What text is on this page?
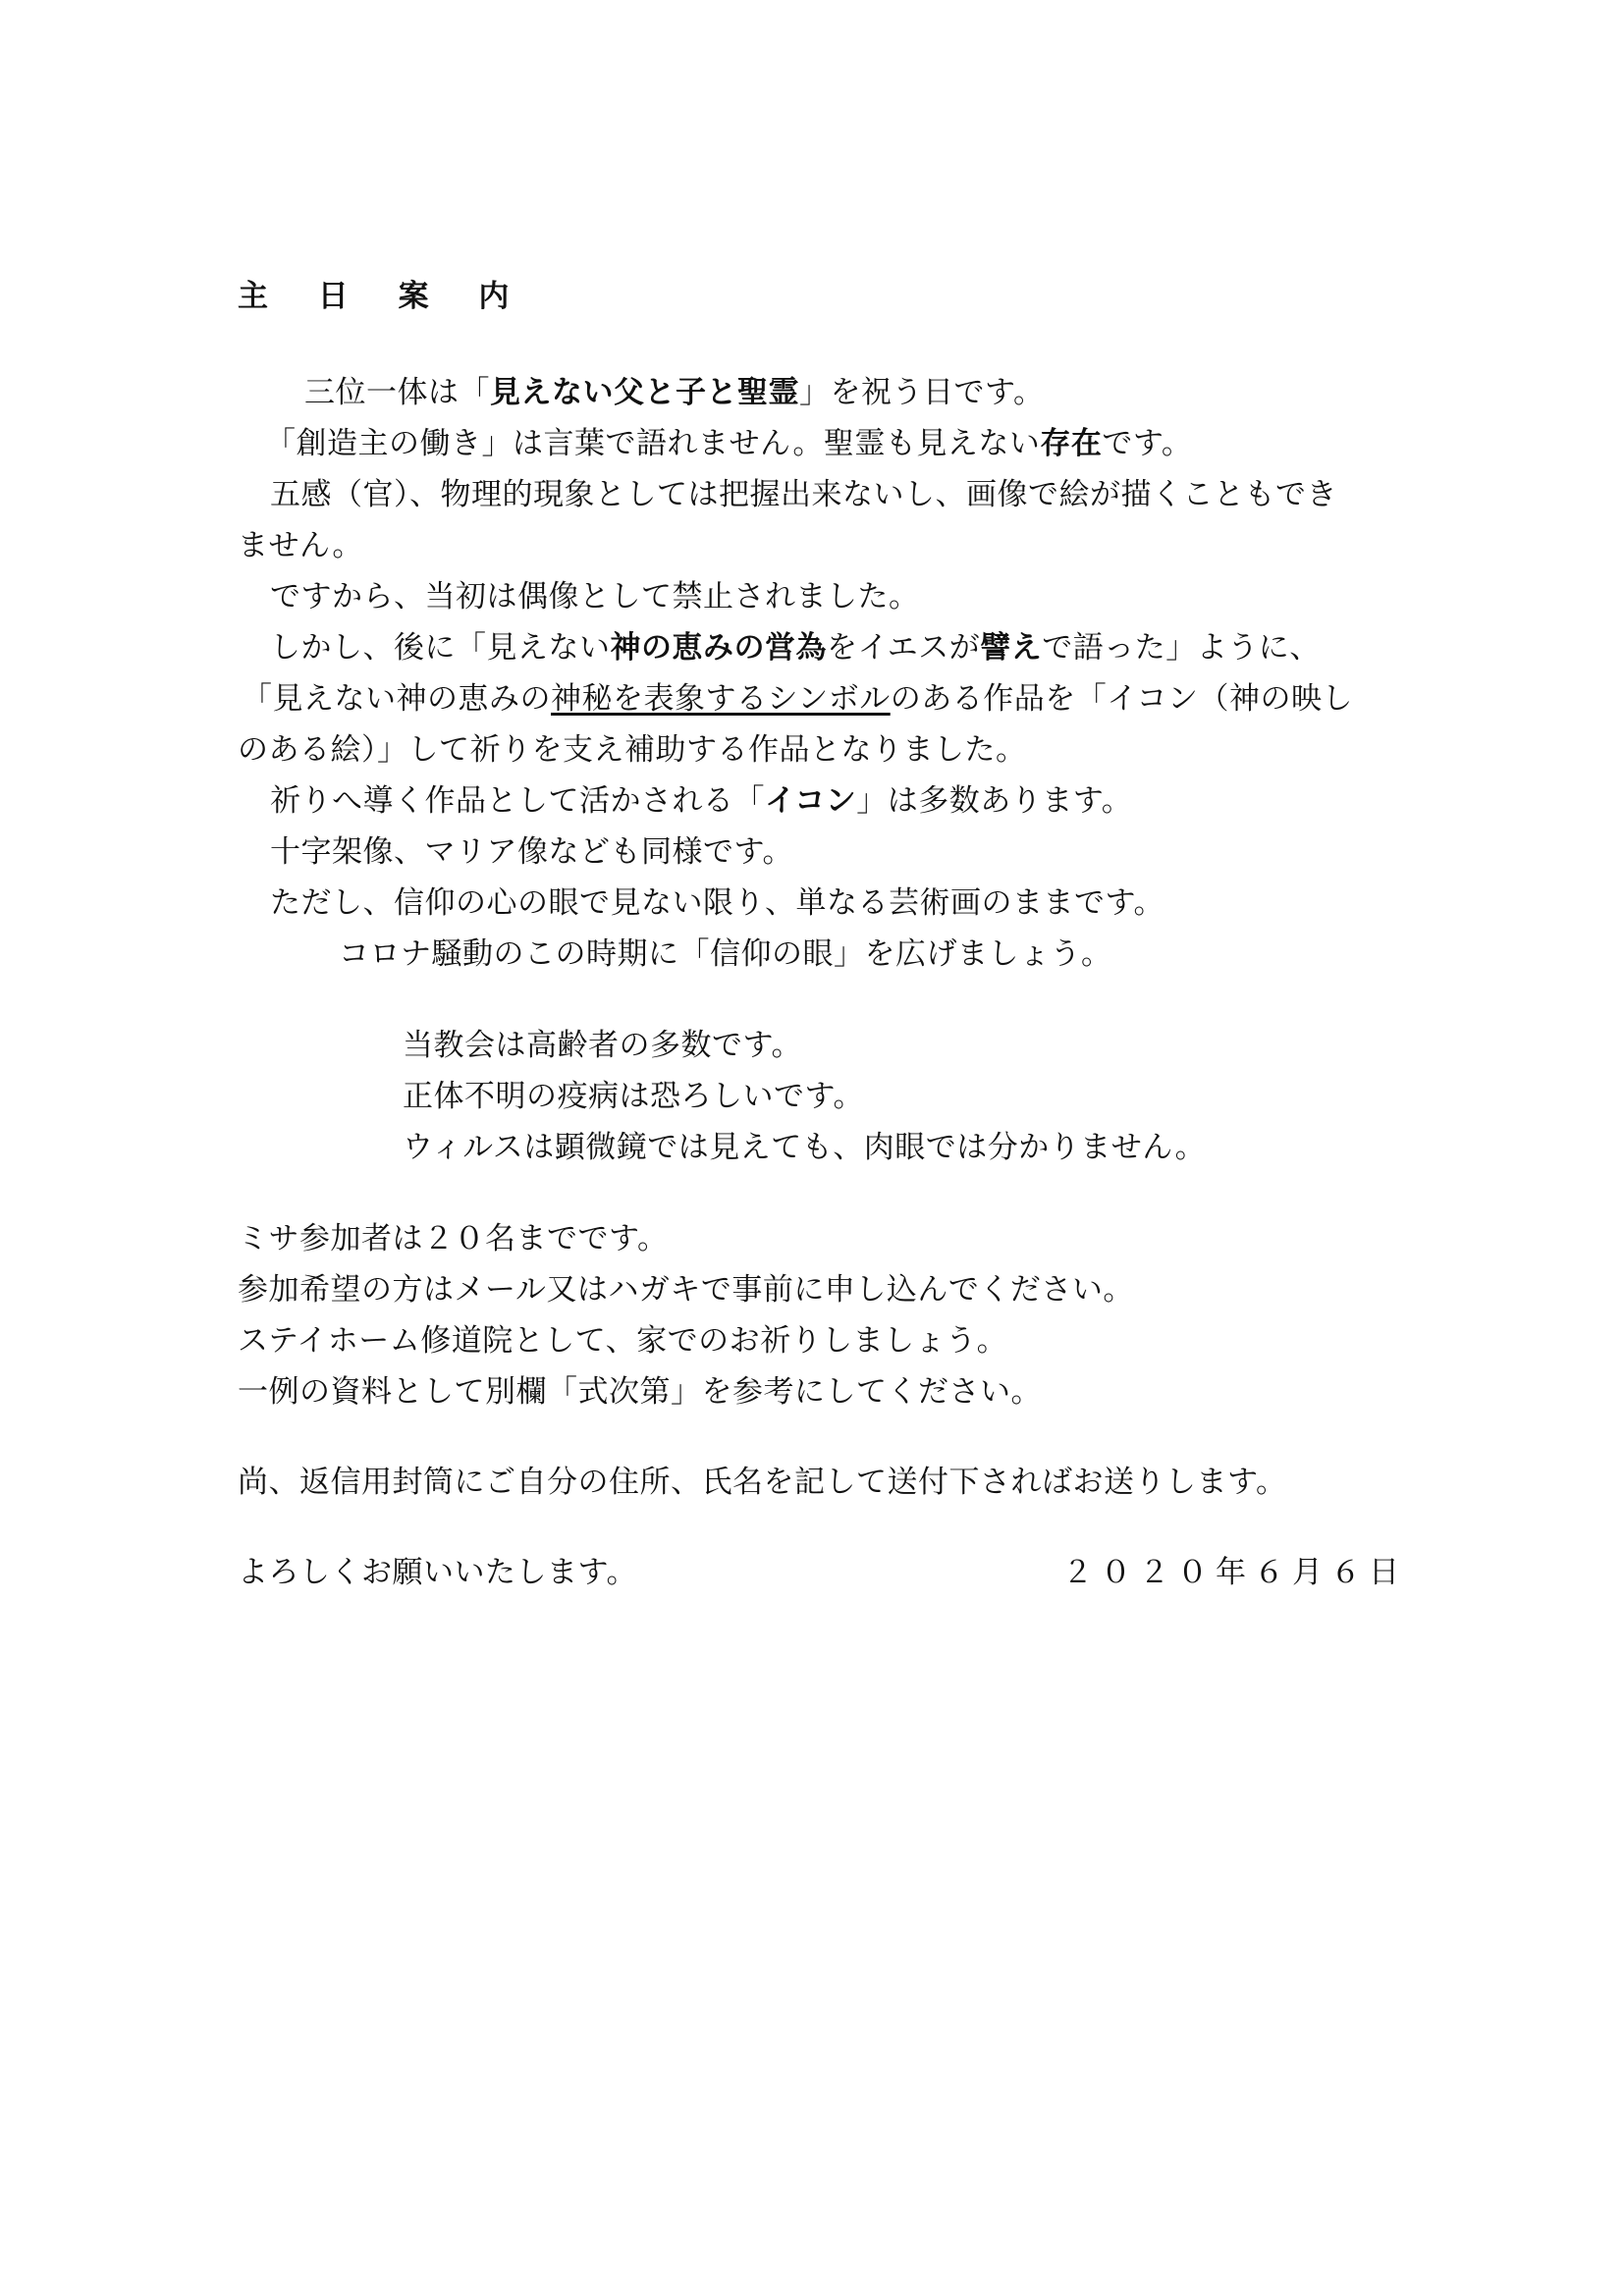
主 日 案 内
三位一体は「見えない父と子と聖霊」を祝う日です。
「創造主の働き」は言葉で語れません。聖霊も見えない存在です。
五感（官）、物理的現象としては把握出来ないし、画像で絵が描くこともでき
ません。
ですから、当初は偶像として禁止されました。
しかし、後に「見えない神の恵みの営為をイエスが譬えで語った」ように、
「見えない神の恵みの神秘を表象するシンボルのある作品を「イコン（神の映し
のある絵）」して祈りを支え補助する作品となりました。
祈りへ導く作品として活かされる「イコン」は多数あります。
十字架像、マリア像なども同様です。
ただし、信仰の心の眼で見ない限り、単なる芸術画のままです。
コロナ騒動のこの時期に「信仰の眼」を広げましょう。
当教会は高齢者の多数です。
正体不明の疫病は恐ろしいです。
ウィルスは顕微鏡では見えても、肉眼では分かりません。
ミサ参加者は２０名までです。
参加希望の方はメール又はハガキで事前に申し込んでください。
ステイホーム修道院として、家でのお祈りしましょう。
一例の資料として別欄「式次第」を参考にしてください。
尚、返信用封筒にご自分の住所、氏名を記して送付下さればお送りします。
よろしくお願いいたします。	２０２０年６月６日
